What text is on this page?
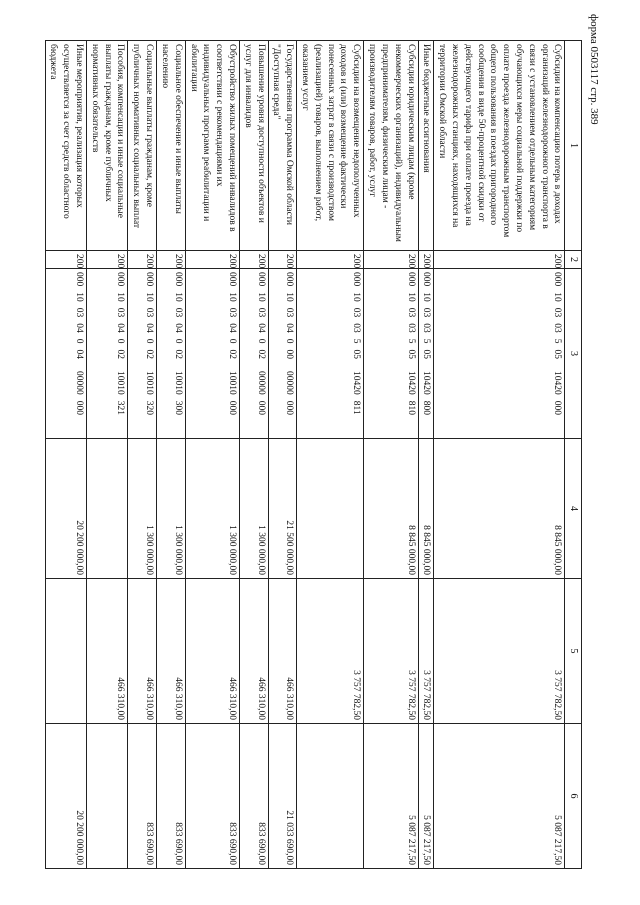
форма 0503117 стр. 389
1	2	3	4	5	6
Субсидии на компенсацию потерь в доходах организаций железнодорожного транспорта в связи с установлением отдельным категориям обучающихся меры социальной поддержки по оплате проезда железнодорожным транспортом общего пользования в поездах пригородного сообщения в виде 50-процентной скидки от действующего тарифа при оплате проезда на железнодорожных станциях, находящихся на территории Омской области	200	00010030350510420000	8 845 000,00	3 757 782,50	5 087 217,50
Иные бюджетные ассигнования	200	00010030350510420800	8 845 000,00	3 757 782,50	5 087 217,50
Субсидии юридическим лицам (кроме некоммерческих организаций), индивидуальным предпринимателям, физическим лицам - производителям товаров, работ, услуг	200	00010030350510420810	8 845 000,00	3 757 782,50	5 087 217,50
Субсидии на возмещение недополученных доходов и (или) возмещение фактически понесенных затрат в связи с производством (реализацией) товаров, выполнением работ, оказанием услуг	200	00010030350510420811		3 757 782,50	
Государственная программа Омской области "Доступная среда"	200	00010030400000000000	21 500 000,00	466 310,00	21 033 690,00
Повышение уровня доступности объектов и услуг для инвалидов	200	00010030400200000000	1 300 000,00	466 310,00	833 690,00
Обустройство жилых помещений инвалидов в соответствии с рекомендациями их индивидуальных программ реабилитации и абилитации	200	00010030400210010000	1 300 000,00	466 310,00	833 690,00
Социальное обеспечение и иные выплаты населению	200	00010030400210010300	1 300 000,00	466 310,00	833 690,00
Социальные выплаты гражданам, кроме публичных нормативных социальных выплат	200	00010030400210010320	1 300 000,00	466 310,00	833 690,00
Пособия, компенсации и иные социальные выплаты гражданам, кроме публичных нормативных обязательств	200	00010030400210010321		466 310,00	
Иные мероприятия, реализация которых осуществляется за счет средств областного бюджета	200	00010030400400000000	20 200 000,00		20 200 000,00
